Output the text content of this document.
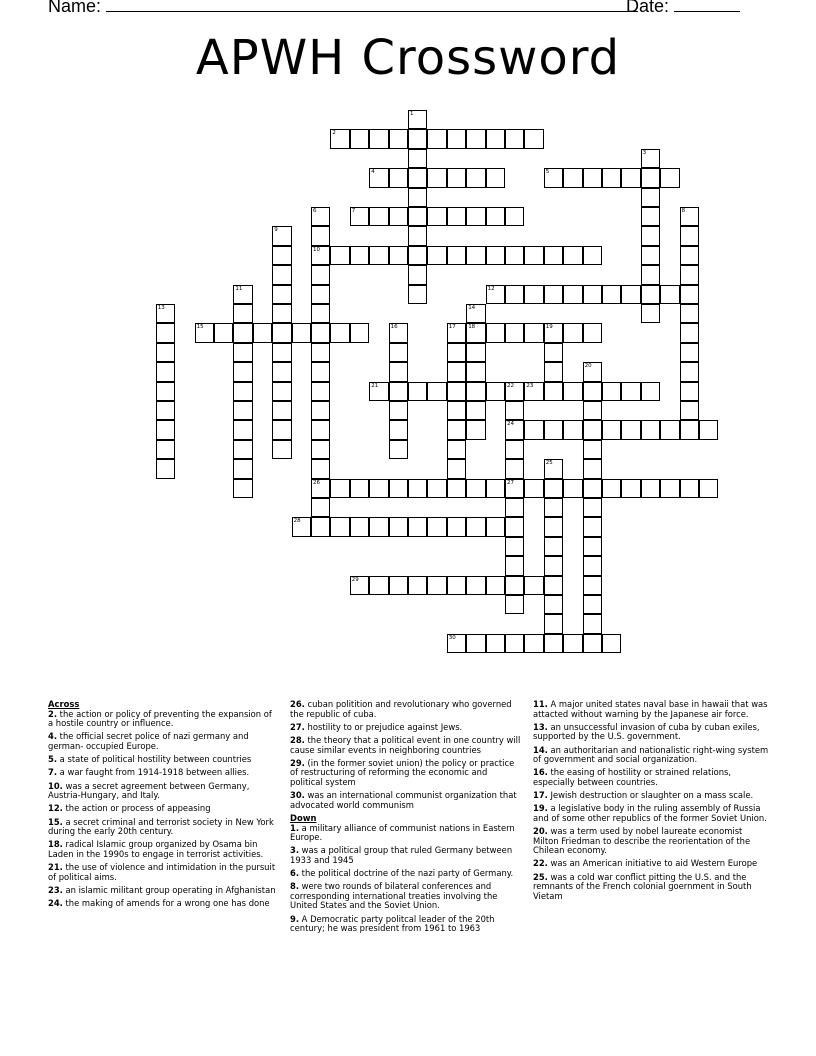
Name:	Date:
APWH Crossword
1
2
3
4	5
6
10
26
7	8
9
11	12
13	14
18
15	16	17	19
20
21	22 23
24
27
25
28
29
30
Across
2. the action or policy of preventing the expansion of a hostile country or influence.
4. the official secret police of nazi germany and german- occupied Europe.
5. a state of political hostility between countries
7. a war faught from 1914-1918 between allies.
10. was a secret agreement between Germany, Austria-Hungary, and Italy.
12. the action or process of appeasing
15. a secret criminal and terrorist society in New York during the early 20th century.
18. radical Islamic group organized by Osama bin Laden in the 1990s to engage in terrorist activities.
21. the use of violence and intimidation in the pursuit of political aims.
23. an islamic militant group operating in Afghanistan
24. the making of amends for a wrong one has done
26. cuban politition and revolutionary who governed the republic of cuba.
27. hostility to or prejudice against Jews.
28. the theory that a political event in one country will cause similar events in neighboring countries
29. (in the former soviet union) the policy or practice of restructuring of reforming the economic and political system
30. was an international communist organization that advocated world communism
Down
1. a military alliance of communist nations in Eastern Europe.
3. was a political group that ruled Germany between 1933 and 1945
6. the political doctrine of the nazi party of Germany.
8. were two rounds of bilateral conferences and corresponding international treaties involving the United States and the Soviet Union.
9. A Democratic party politcal leader of the 20th century; he was president from 1961 to 1963
11. A major united states naval base in hawaii that was attacted without warning by the Japanese air force.
13. an unsuccessful invasion of cuba by cuban exiles, supported by the U.S. government.
14. an authoritarian and nationalistic right-wing system of government and social organization.
16. the easing of hostility or strained relations, especially between countries.
17. Jewish destruction or slaughter on a mass scale.
19. a legislative body in the ruling assembly of Russia and of some other republics of the former Soviet Union.
20. was a term used by nobel laureate economist Milton Friedman to describe the reorientation of the Chilean economy.
22. was an American initiative to aid Western Europe
25. was a cold war conflict pitting the U.S. and the remnants of the French colonial goernment in South Vietam
